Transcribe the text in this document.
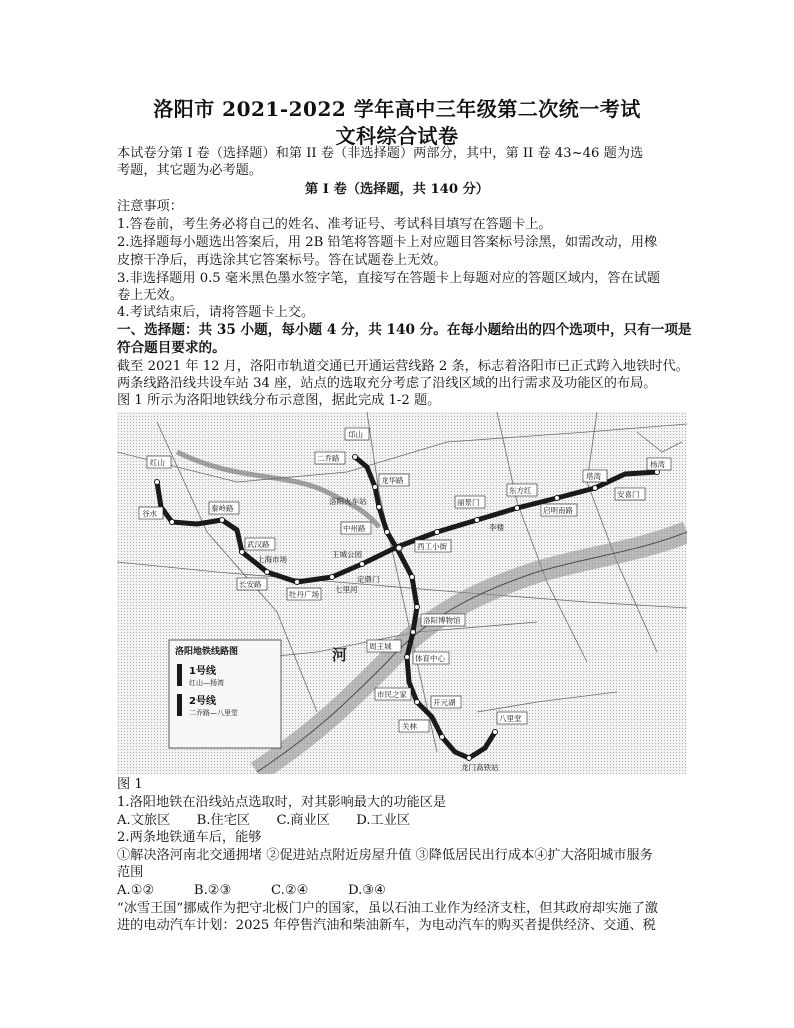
洛阳市 2021-2022 学年高中三年级第二次统一考试
文科综合试卷
本试卷分第 I 卷（选择题）和第 II 卷（非选择题）两部分，其中，第 II 卷 43~46 题为选
考题，其它题为必考题。
第 I 卷（选择题，共 140 分）
注意事项：
1.答卷前，考生务必将自己的姓名、准考证号、考试科目填写在答题卡上。
2.选择题每小题选出答案后，用 2B 铅笔将答题卡上对应题目答案标号涂黑，如需改动，用橡
皮擦干净后，再选涂其它答案标号。答在试题卷上无效。
3.非选择题用 0.5 毫米黑色墨水签字笔，直接写在答题卡上每题对应的答题区域内，答在试题
卷上无效。
4.考试结束后，请将答题卡上交。
一、选择题：共 35 小题，每小题 4 分，共 140 分。在每小题给出的四个选项中，只有一项是
符合题目要求的。
截至 2021 年 12 月，洛阳市轨道交通已开通运营线路 2 条，标志着洛阳市已正式跨入地铁时代。
两条线路沿线共设车站 34 座，站点的选取充分考虑了沿线区域的出行需求及功能区的布局。
图 1 所示为洛阳地铁线分布示意图，据此完成 1-2 题。
红山
谷水
秦岭路
武汉路
长安路
上海市场
牡丹广场
七里河
王城公园
西工小街
定鼎门
二乔路
邙山
龙华路
洛阳火车站
中州路
丽景门
东方红
杨湾
塔湾
安喜门
启明南路
李楼
洛阳博物馆
周王城
体育中心
市民之家
开元湖
关林
八里堂
龙门高铁站
河
洛阳地铁线路图
1号线
红山—杨湾
2号线
二乔路—八里堂
图 1
1.洛阳地铁在沿线站点选取时，对其影响最大的功能区是
A.文旅区　　B.住宅区　　C.商业区　　D.工业区
2.两条地铁通车后，能够
①解决洛河南北交通拥堵 ②促进站点附近房屋升值 ③降低居民出行成本④扩大洛阳城市服务
范围
A.①②　　　B.②③　　　C.②④　　　D.③④
“冰雪王国”挪威作为把守北极门户的国家，虽以石油工业作为经济支柱，但其政府却实施了激
进的电动汽车计划：2025 年停售汽油和柴油新车，为电动汽车的购买者提供经济、交通、税
